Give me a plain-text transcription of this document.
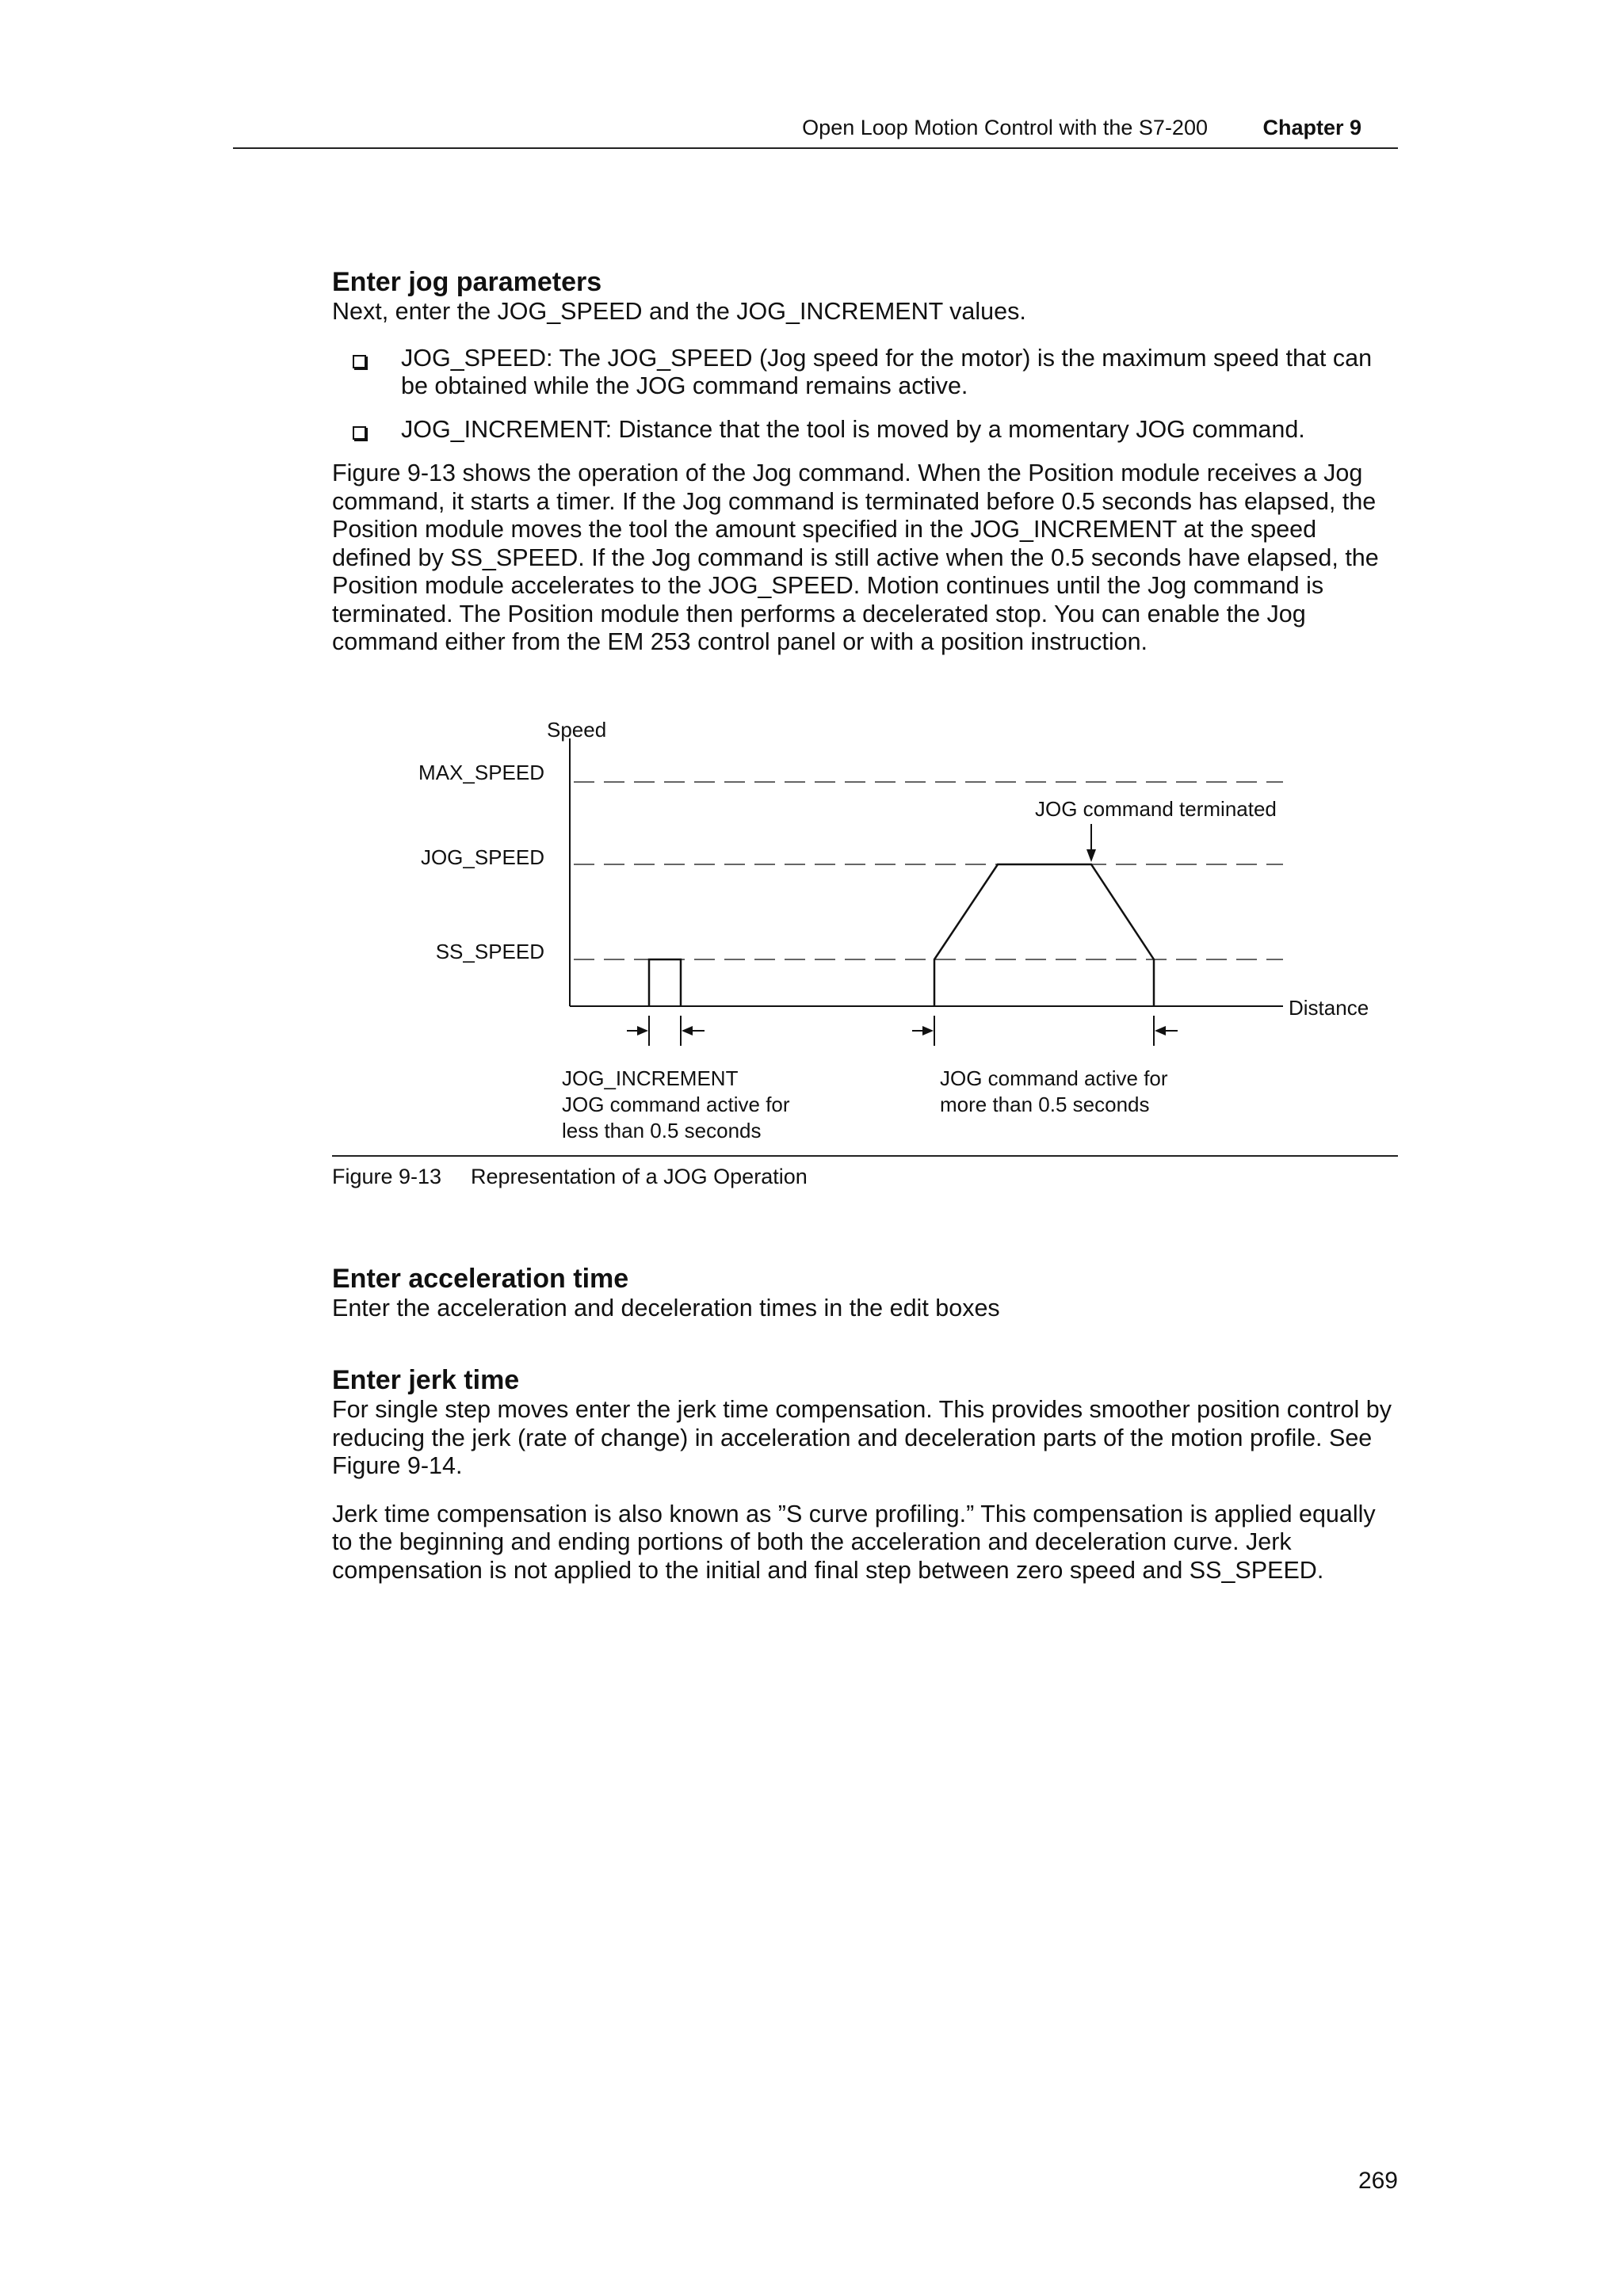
Open Loop Motion Control with the S7-200	Chapter 9
Enter jog parameters

Next, enter the JOG_SPEED and the JOG_INCREMENT values.

JOG_SPEED: The JOG_SPEED (Jog speed for the motor) is the maximum speed that can be obtained while the JOG command remains active.
JOG_INCREMENT: Distance that the tool is moved by a momentary JOG command.

Figure 9-13 shows the operation of the Jog command. When the Position module receives a Jog command, it starts a timer. If the Jog command is terminated before 0.5 seconds has elapsed, the Position module moves the tool the amount specified in the JOG_INCREMENT at the speed defined by SS_SPEED. If the Jog command is still active when the 0.5 seconds have elapsed, the Position module accelerates to the JOG_SPEED. Motion continues until the Jog command is terminated. The Position module then performs a decelerated stop. You can enable the Jog command either from the EM 253 control panel or with a position instruction.

Speed
Distance
MAX_SPEED
JOG_SPEED
SS_SPEED
JOG command terminated
JOG_INCREMENT
JOG command active for
less than 0.5 seconds
JOG command active for
more than 0.5 seconds
Figure 9-13 Representation of a JOG Operation
Enter acceleration time

Enter the acceleration and deceleration times in the edit boxes

Enter jerk time

For single step moves enter the jerk time compensation. This provides smoother position control by reducing the jerk (rate of change) in acceleration and deceleration parts of the motion profile. See Figure 9-14.

Jerk time compensation is also known as ”S curve profiling.” This compensation is applied equally to the beginning and ending portions of both the acceleration and deceleration curve. Jerk compensation is not applied to the initial and final step between zero speed and SS_SPEED.

269
